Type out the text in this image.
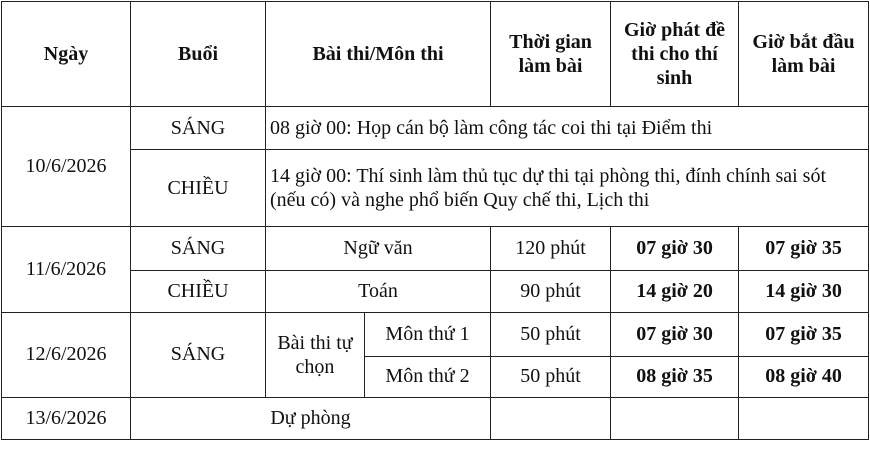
Ngày	Buổi	Bài thi/Môn thi		Thời gian làm bài	Giờ phát đề thi cho thí sinh	Giờ bắt đầu làm bài
10/6/2026	SÁNG	08 giờ 00: Họp cán bộ làm công tác coi thi tại Điểm thi				
	CHIỀU	14 giờ 00: Thí sinh làm thủ tục dự thi tại phòng thi, đính chính sai sót (nếu có) và nghe phổ biến Quy chế thi, Lịch thi				
11/6/2026	SÁNG	Ngữ văn		120 phút	07 giờ 30	07 giờ 35
	CHIỀU	Toán		90 phút	14 giờ 20	14 giờ 30
12/6/2026	SÁNG	Bài thi tự chọn	Môn thứ 1	50 phút	07 giờ 30	07 giờ 35
			Môn thứ 2	50 phút	08 giờ 35	08 giờ 40
13/6/2026	Dự phòng					
